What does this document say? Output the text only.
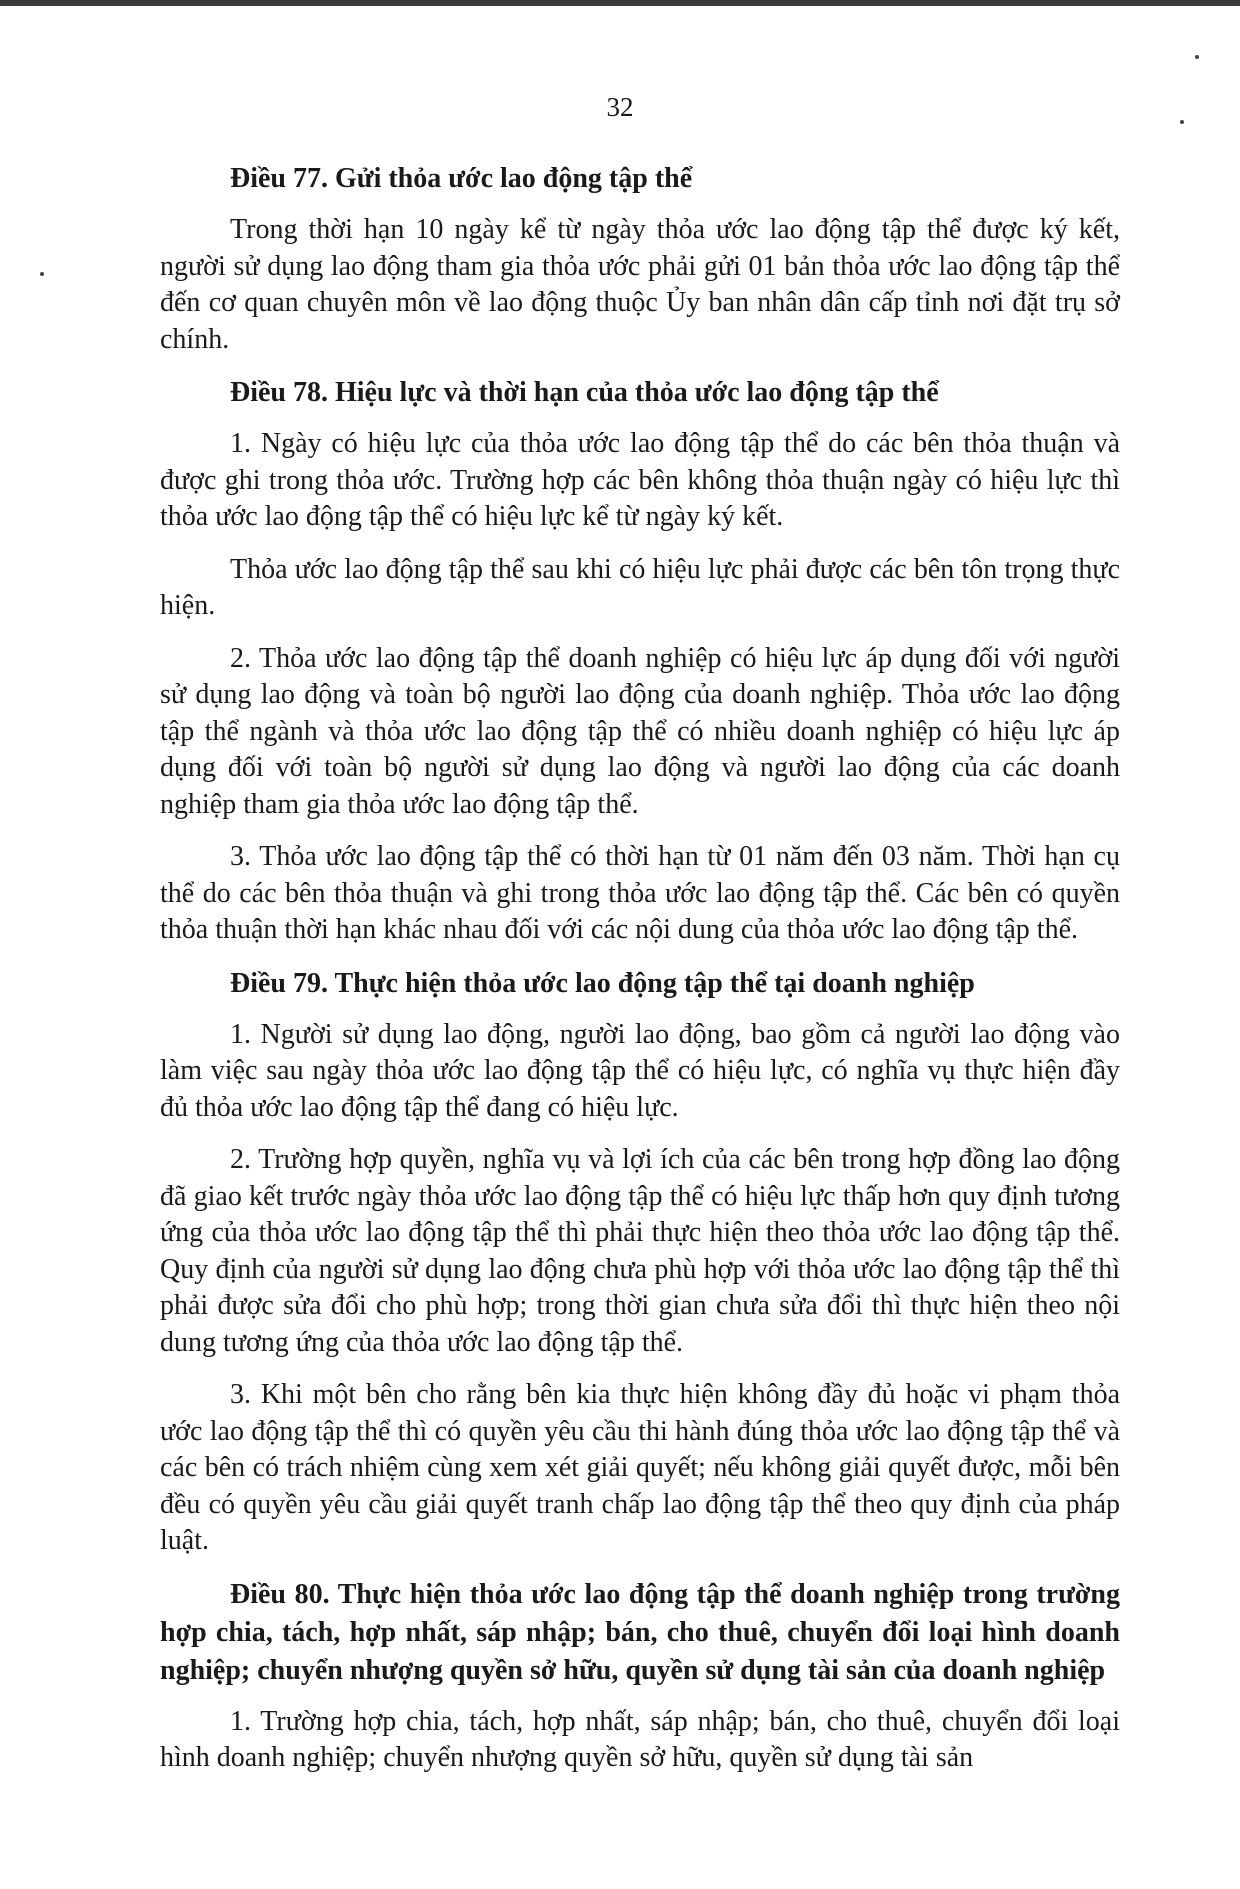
32
Điều 77. Gửi thỏa ước lao động tập thể

Trong thời hạn 10 ngày kể từ ngày thỏa ước lao động tập thể được ký kết, người sử dụng lao động tham gia thỏa ước phải gửi 01 bản thỏa ước lao động tập thể đến cơ quan chuyên môn về lao động thuộc Ủy ban nhân dân cấp tỉnh nơi đặt trụ sở chính.

Điều 78. Hiệu lực và thời hạn của thỏa ước lao động tập thể

1. Ngày có hiệu lực của thỏa ước lao động tập thể do các bên thỏa thuận và được ghi trong thỏa ước. Trường hợp các bên không thỏa thuận ngày có hiệu lực thì thỏa ước lao động tập thể có hiệu lực kể từ ngày ký kết.

Thỏa ước lao động tập thể sau khi có hiệu lực phải được các bên tôn trọng thực hiện.

2. Thỏa ước lao động tập thể doanh nghiệp có hiệu lực áp dụng đối với người sử dụng lao động và toàn bộ người lao động của doanh nghiệp. Thỏa ước lao động tập thể ngành và thỏa ước lao động tập thể có nhiều doanh nghiệp có hiệu lực áp dụng đối với toàn bộ người sử dụng lao động và người lao động của các doanh nghiệp tham gia thỏa ước lao động tập thể.

3. Thỏa ước lao động tập thể có thời hạn từ 01 năm đến 03 năm. Thời hạn cụ thể do các bên thỏa thuận và ghi trong thỏa ước lao động tập thể. Các bên có quyền thỏa thuận thời hạn khác nhau đối với các nội dung của thỏa ước lao động tập thể.

Điều 79. Thực hiện thỏa ước lao động tập thể tại doanh nghiệp

1. Người sử dụng lao động, người lao động, bao gồm cả người lao động vào làm việc sau ngày thỏa ước lao động tập thể có hiệu lực, có nghĩa vụ thực hiện đầy đủ thỏa ước lao động tập thể đang có hiệu lực.

2. Trường hợp quyền, nghĩa vụ và lợi ích của các bên trong hợp đồng lao động đã giao kết trước ngày thỏa ước lao động tập thể có hiệu lực thấp hơn quy định tương ứng của thỏa ước lao động tập thể thì phải thực hiện theo thỏa ước lao động tập thể. Quy định của người sử dụng lao động chưa phù hợp với thỏa ước lao động tập thể thì phải được sửa đổi cho phù hợp; trong thời gian chưa sửa đổi thì thực hiện theo nội dung tương ứng của thỏa ước lao động tập thể.

3. Khi một bên cho rằng bên kia thực hiện không đầy đủ hoặc vi phạm thỏa ước lao động tập thể thì có quyền yêu cầu thi hành đúng thỏa ước lao động tập thể và các bên có trách nhiệm cùng xem xét giải quyết; nếu không giải quyết được, mỗi bên đều có quyền yêu cầu giải quyết tranh chấp lao động tập thể theo quy định của pháp luật.

Điều 80. Thực hiện thỏa ước lao động tập thể doanh nghiệp trong trường hợp chia, tách, hợp nhất, sáp nhập; bán, cho thuê, chuyển đổi loại hình doanh nghiệp; chuyển nhượng quyền sở hữu, quyền sử dụng tài sản của doanh nghiệp

1. Trường hợp chia, tách, hợp nhất, sáp nhập; bán, cho thuê, chuyển đổi loại hình doanh nghiệp; chuyển nhượng quyền sở hữu, quyền sử dụng tài sản
